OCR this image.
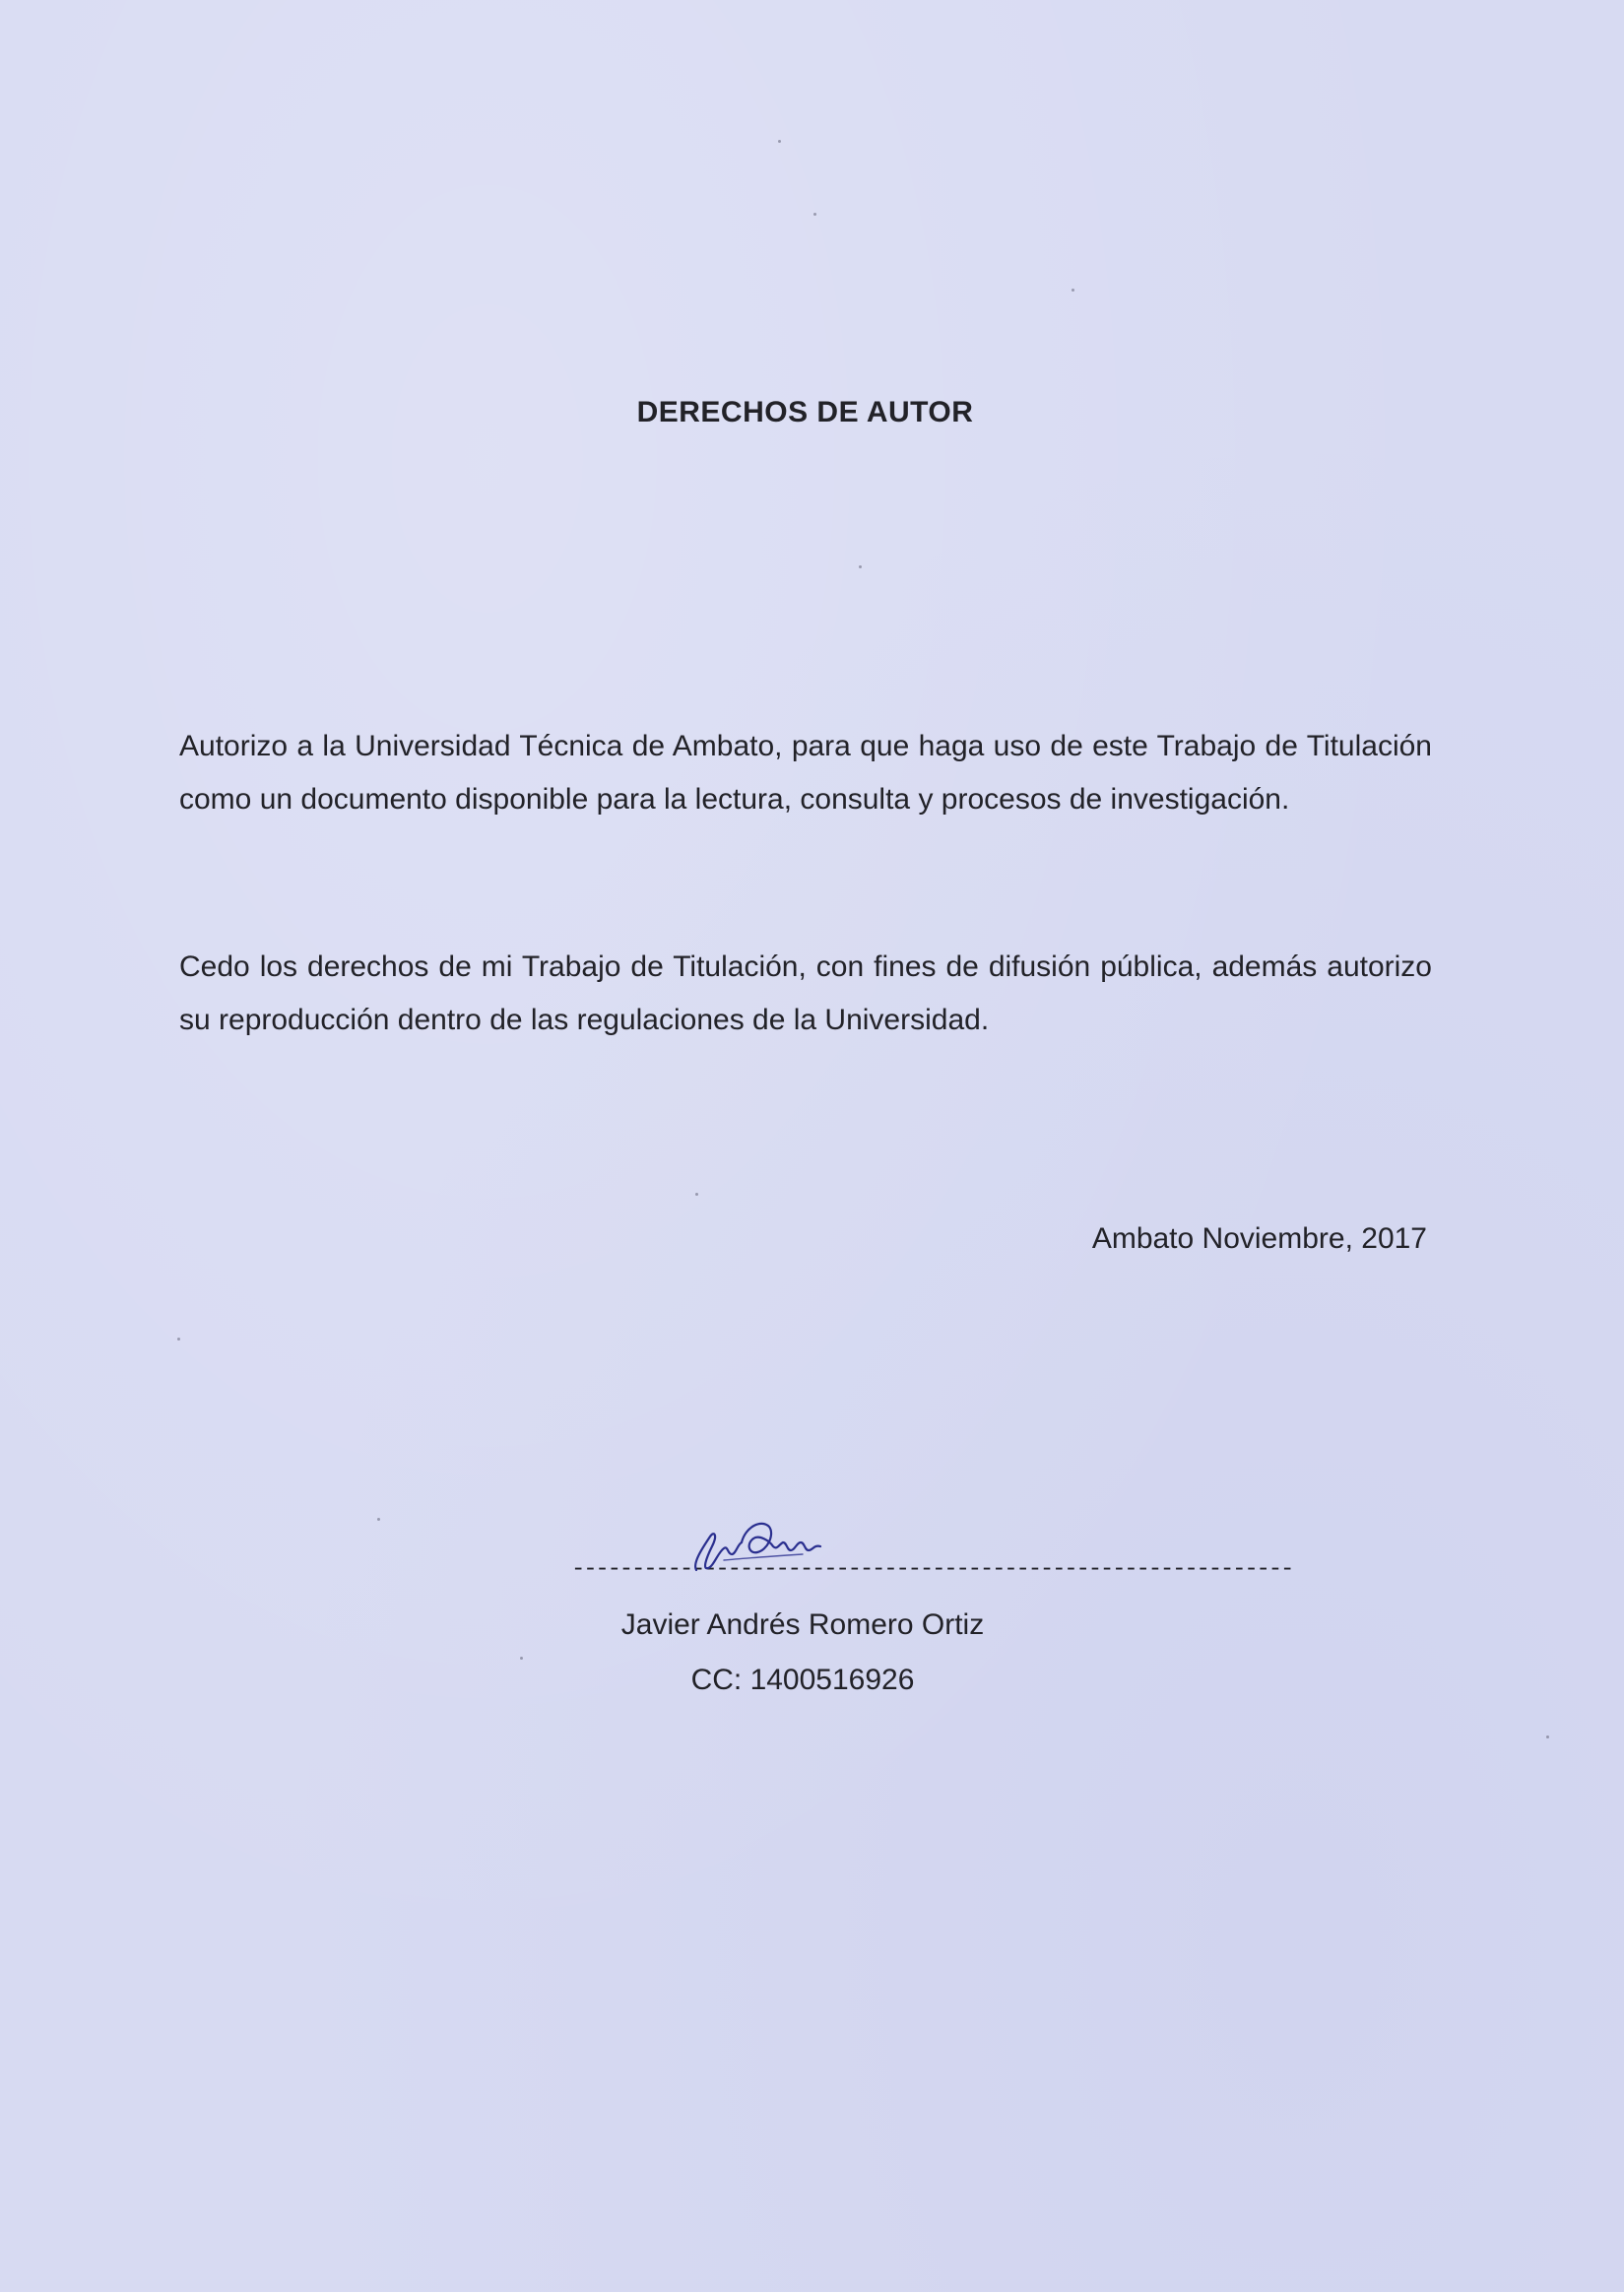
DERECHOS DE AUTOR
Autorizo a la Universidad Técnica de Ambato, para que haga uso de este Trabajo de Titulación como un documento disponible para la lectura, consulta y procesos de investigación.
Cedo los derechos de mi Trabajo de Titulación, con fines de difusión pública, además autorizo su reproducción dentro de las regulaciones de la Universidad.
Ambato Noviembre, 2017
------------------------------------------------------------
Javier Andrés Romero Ortiz
CC: 1400516926
